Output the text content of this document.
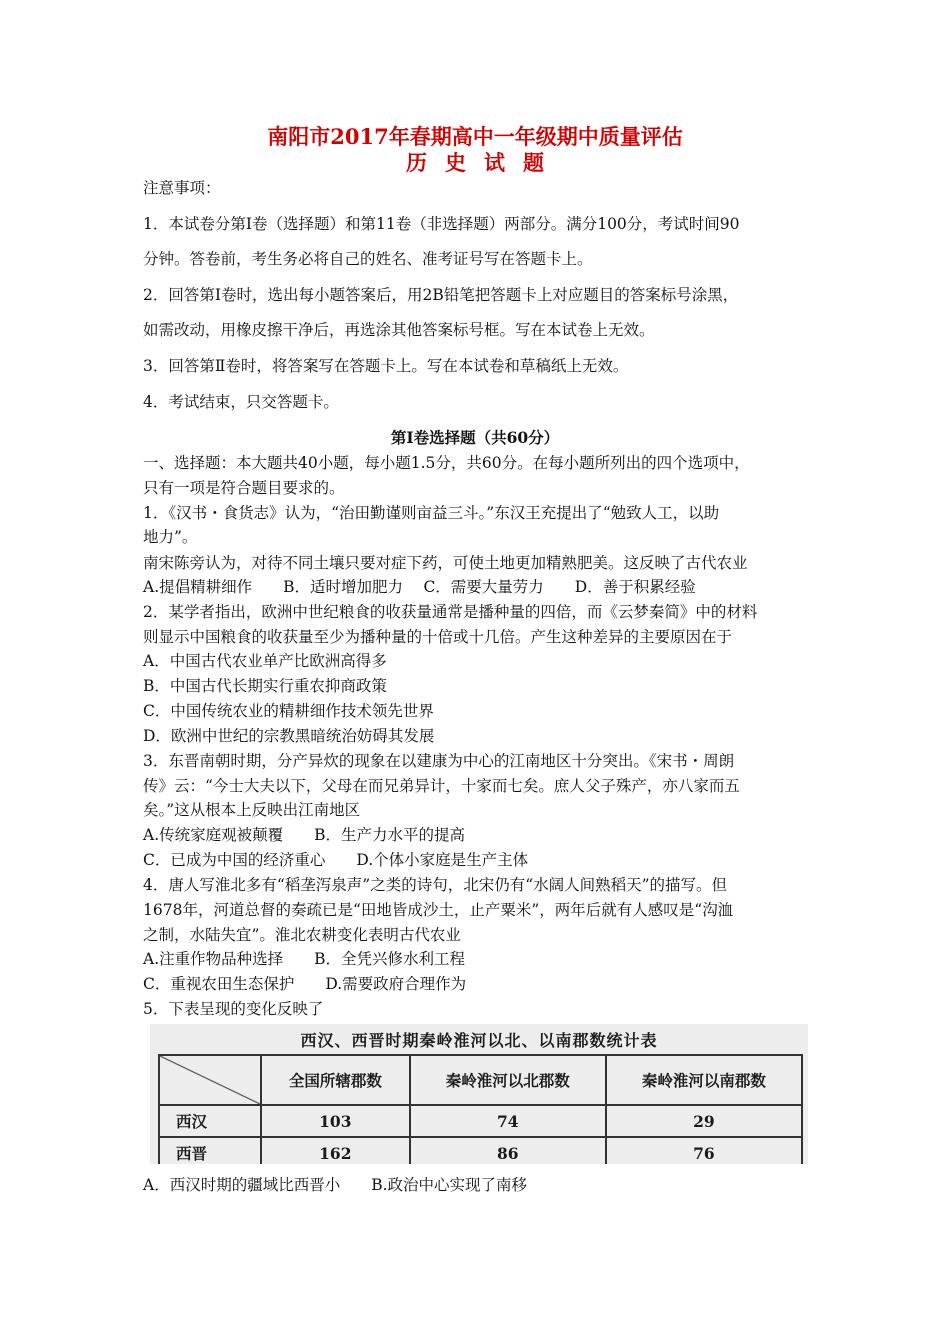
南阳市2017年春期高中一年级期中质量评估
历史试题
注意事项：
1．本试卷分第Ⅰ卷（选择题）和第11卷（非选择题）两部分。满分100分，考试时间90
分钟。答卷前，考生务必将自己的姓名、准考证号写在答题卡上。
2．回答第Ⅰ卷时，选出每小题答案后，用2B铅笔把答题卡上对应题目的答案标号涂黑，
如需改动，用橡皮擦干净后，再选涂其他答案标号框。写在本试卷上无效。
3．回答第Ⅱ卷时，将答案写在答题卡上。写在本试卷和草稿纸上无效。
4．考试结束，只交答题卡。
第Ⅰ卷选择题（共60分）
一、选择题：本大题共40小题，每小题1.5分，共60分。在每小题所列出的四个选项中，
只有一项是符合题目要求的。
1．《汉书・食货志》认为，“治田勤谨则亩益三斗。”东汉王充提出了“勉致人工，以助
地力”。
南宋陈旁认为，对待不同土壤只要对症下药，可使土地更加精熟肥美。这反映了古代农业
A.提倡精耕细作　　B．适时增加肥力　 C．需要大量劳力　　D．善于积累经验
2．某学者指出，欧洲中世纪粮食的收获量通常是播种量的四倍，而《云梦秦简》中的材料
则显示中国粮食的收获量至少为播种量的十倍或十几倍。产生这种差异的主要原因在于
A．中国古代农业单产比欧洲高得多
B．中国古代长期实行重农抑商政策
C．中国传统农业的精耕细作技术领先世界
D．欧洲中世纪的宗教黑暗统治妨碍其发展
3．东晋南朝时期，分产异炊的现象在以建康为中心的江南地区十分突出。《宋书・周朗
传》云：“今士大夫以下，父母在而兄弟异计，十家而七矣。庶人父子殊产，亦八家而五
矣。”这从根本上反映出江南地区
A.传统家庭观被颠覆　　B．生产力水平的提高
C．已成为中国的经济重心　　D.个体小家庭是生产主体
4．唐人写淮北多有“稻垄泻泉声”之类的诗句，北宋仍有“水阔人间熟稻天”的描写。但
1678年，河道总督的奏疏已是“田地皆成沙土，止产粟米”，两年后就有人感叹是“沟洫
之制，水陆失宜”。淮北农耕变化表明古代农业
A.注重作物品种选择　　B．全凭兴修水利工程
C．重视农田生态保护　　D.需要政府合理作为
5．下表呈现的变化反映了
西汉、西晋时期秦岭淮河以北、以南郡数统计表
	全国所辖郡数	秦岭淮河以北郡数	秦岭淮河以南郡数
西汉	103	74	29
西晋	162	86	76
A．西汉时期的疆域比西晋小　　B.政治中心实现了南移
